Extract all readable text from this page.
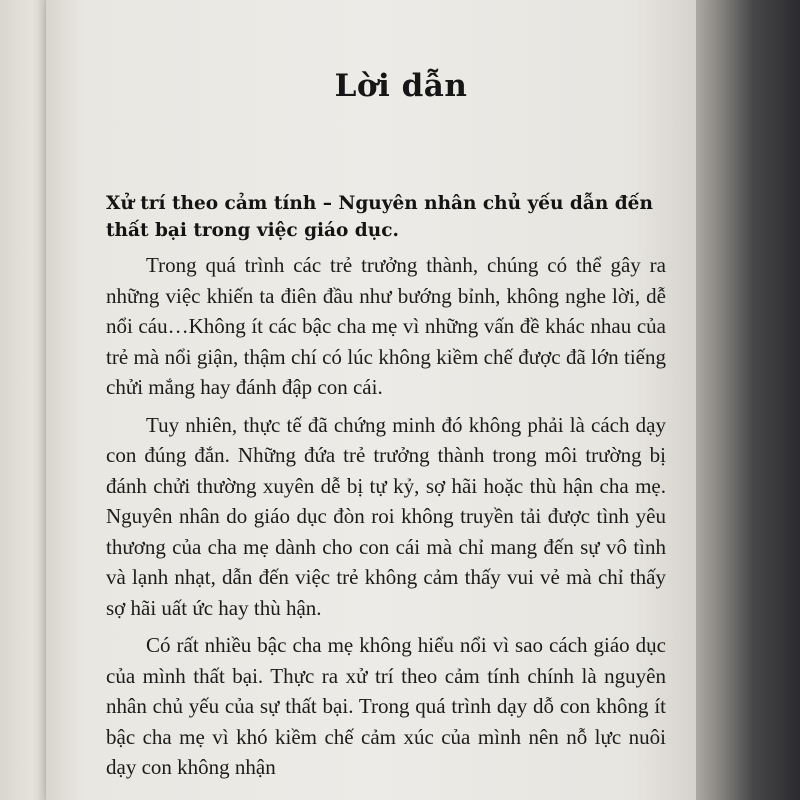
Lời dẫn

Xử trí theo cảm tính – Nguyên nhân chủ yếu dẫn đến thất bại trong việc giáo dục.

Trong quá trình các trẻ trưởng thành, chúng có thể gây ra những việc khiến ta điên đầu như bướng bỉnh, không nghe lời, dễ nổi cáu…Không ít các bậc cha mẹ vì những vấn đề khác nhau của trẻ mà nổi giận, thậm chí có lúc không kiềm chế được đã lớn tiếng chửi mắng hay đánh đập con cái.

Tuy nhiên, thực tế đã chứng minh đó không phải là cách dạy con đúng đắn. Những đứa trẻ trưởng thành trong môi trường bị đánh chửi thường xuyên dễ bị tự kỷ, sợ hãi hoặc thù hận cha mẹ. Nguyên nhân do giáo dục đòn roi không truyền tải được tình yêu thương của cha mẹ dành cho con cái mà chỉ mang đến sự vô tình và lạnh nhạt, dẫn đến việc trẻ không cảm thấy vui vẻ mà chỉ thấy sợ hãi uất ức hay thù hận.

Có rất nhiều bậc cha mẹ không hiểu nổi vì sao cách giáo dục của mình thất bại. Thực ra xử trí theo cảm tính chính là nguyên nhân chủ yếu của sự thất bại. Trong quá trình dạy dỗ con không ít bậc cha mẹ vì khó kiềm chế cảm xúc của mình nên nỗ lực nuôi dạy con không nhận
